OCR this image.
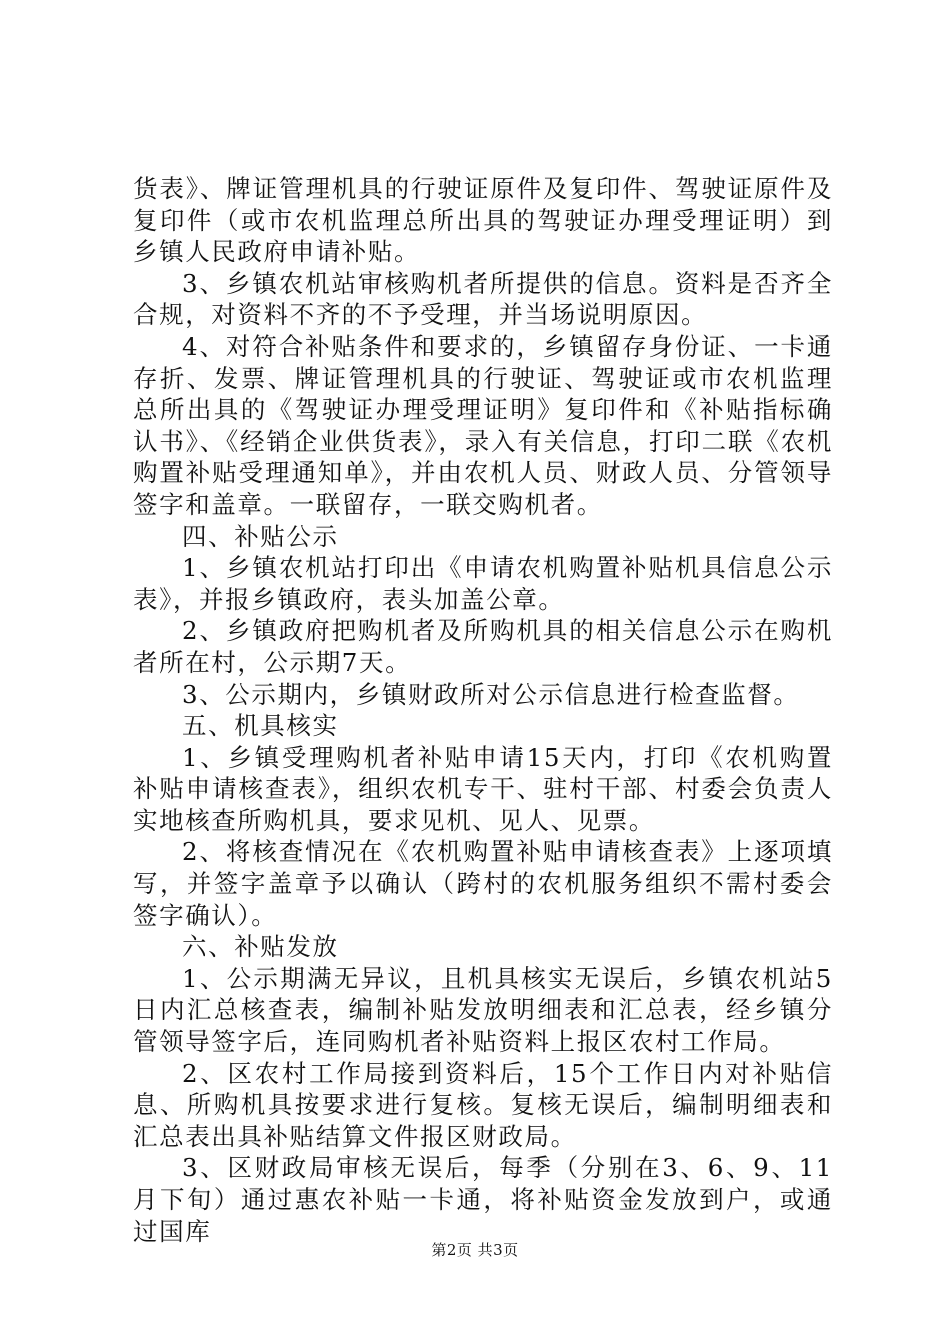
货表》、牌证管理机具的行驶证原件及复印件、驾驶证原件及复印件（或市农机监理总所出具的驾驶证办理受理证明）到乡镇人民政府申请补贴。

3、乡镇农机站审核购机者所提供的信息。资料是否齐全合规，对资料不齐的不予受理，并当场说明原因。

4、对符合补贴条件和要求的，乡镇留存身份证、一卡通存折、发票、牌证管理机具的行驶证、驾驶证或市农机监理总所出具的《驾驶证办理受理证明》复印件和《补贴指标确认书》、《经销企业供货表》，录入有关信息，打印二联《农机购置补贴受理通知单》，并由农机人员、财政人员、分管领导签字和盖章。一联留存，一联交购机者。

四、补贴公示

1、乡镇农机站打印出《申请农机购置补贴机具信息公示表》，并报乡镇政府，表头加盖公章。

2、乡镇政府把购机者及所购机具的相关信息公示在购机者所在村，公示期7天。

3、公示期内，乡镇财政所对公示信息进行检查监督。

五、机具核实

1、乡镇受理购机者补贴申请15天内，打印《农机购置补贴申请核查表》，组织农机专干、驻村干部、村委会负责人实地核查所购机具，要求见机、见人、见票。

2、将核查情况在《农机购置补贴申请核查表》上逐项填写，并签字盖章予以确认（跨村的农机服务组织不需村委会签字确认）。

六、补贴发放

1、公示期满无异议，且机具核实无误后，乡镇农机站5日内汇总核查表，编制补贴发放明细表和汇总表，经乡镇分管领导签字后，连同购机者补贴资料上报区农村工作局。

2、区农村工作局接到资料后，15个工作日内对补贴信息、所购机具按要求进行复核。复核无误后，编制明细表和汇总表出具补贴结算文件报区财政局。

3、区财政局审核无误后，每季（分别在3、6、9、11月下旬）通过惠农补贴一卡通，将补贴资金发放到户，或通过国库

第2页 共3页
